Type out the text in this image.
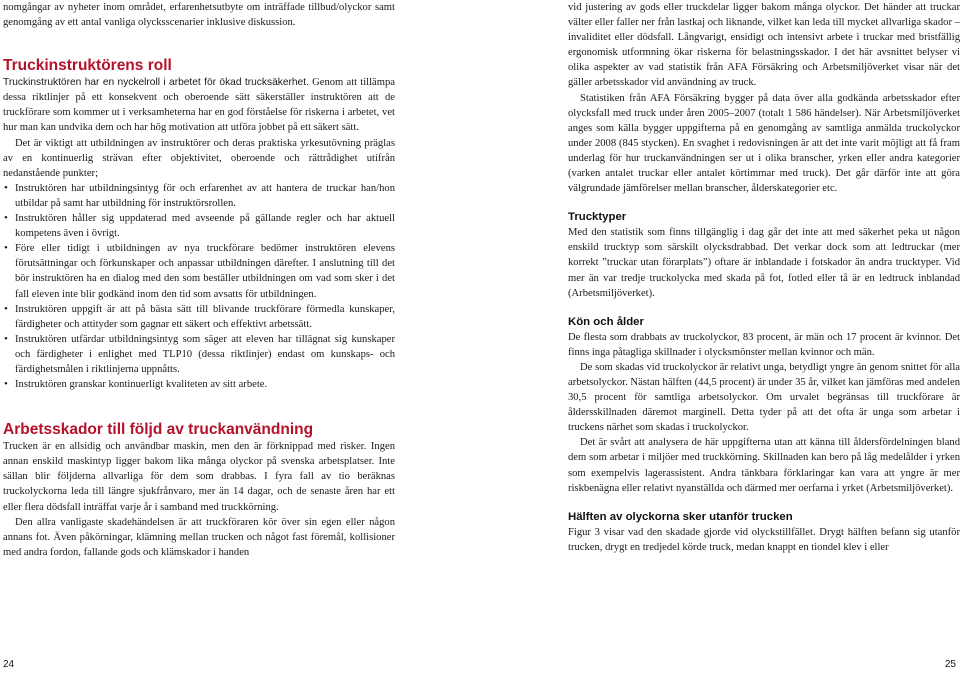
nomgångar av nyheter inom området, erfarenhetsutbyte om inträffade tillbud/olyckor samt genomgång av ett antal vanliga olycksscenarier inklusive diskussion.

Truckinstruktörens roll

Truckinstruktören har en nyckelroll i arbetet för ökad trucksäkerhet. Genom att tillämpa dessa riktlinjer på ett konsekvent och oberoende sätt säkerställer instruktören att de truckförare som kommer ut i verksamheterna har en god förståelse för riskerna i arbetet, vet hur man kan undvika dem och har hög motivation att utföra jobbet på ett säkert sätt.

Det är viktigt att utbildningen av instruktörer och deras praktiska yrkesutövning präglas av en kontinuerlig strävan efter objektivitet, oberoende och rättrådighet utifrån nedanstående punkter;

• Instruktören har utbildningsintyg för och erfarenhet av att hantera de truckar han/hon utbildar på samt har utbildning för instruktörsrollen.
• Instruktören håller sig uppdaterad med avseende på gällande regler och har aktuell kompetens även i övrigt.
• Före eller tidigt i utbildningen av nya truckförare bedömer instruktören elevens förutsättningar och förkunskaper och anpassar utbildningen därefter. I anslutning till det bör instruktören ha en dialog med den som beställer utbildningen om vad som sker i det fall eleven inte blir godkänd inom den tid som avsatts för utbildningen.
• Instruktören uppgift är att på bästa sätt till blivande truckförare förmedla kunskaper, färdigheter och attityder som gagnar ett säkert och effektivt arbetssätt.
• Instruktören utfärdar utbildningsintyg som säger att eleven har tillägnat sig kunskaper och färdigheter i enlighet med TLP10 (dessa riktlinjer) endast om kunskaps- och färdighetsmålen i riktlinjerna uppnåtts.
• Instruktören granskar kontinuerligt kvaliteten av sitt arbete.
Arbetsskador till följd av truckanvändning

Trucken är en allsidig och användbar maskin, men den är förknippad med risker. Ingen annan enskild maskintyp ligger bakom lika många olyckor på svenska arbetsplatser. Inte sällan blir följderna allvarliga för dem som drabbas. I fyra fall av tio beräknas truckolyckorna leda till längre sjukfrånvaro, mer än 14 dagar, och de senaste åren har ett eller flera dödsfall inträffat varje år i samband med truckkörning.

Den allra vanligaste skadehändelsen är att truckföraren kör över sin egen eller någon annans fot. Även påkörningar, klämning mellan trucken och något fast föremål, kollisioner med andra fordon, fallande gods och klämskador i handen

vid justering av gods eller truckdelar ligger bakom många olyckor. Det händer att truckar välter eller faller ner från lastkaj och liknande, vilket kan leda till mycket allvarliga skador – invaliditet eller dödsfall. Långvarigt, ensidigt och intensivt arbete i truckar med bristfällig ergonomisk utformning ökar riskerna för belastningsskador. I det här avsnittet belyser vi olika aspekter av vad statistik från AFA Försäkring och Arbetsmiljöverket visar när det gäller arbetsskador vid användning av truck.

Statistiken från AFA Försäkring bygger på data över alla godkända arbetsskador efter olycksfall med truck under åren 2005–2007 (totalt 1 586 händelser). När Arbetsmiljöverket anges som källa bygger uppgifterna på en genomgång av samtliga anmälda truckolyckor under 2008 (845 stycken). En svaghet i redovisningen är att det inte varit möjligt att få fram underlag för hur truckanvändningen ser ut i olika branscher, yrken eller andra kategorier (varken antalet truckar eller antalet körtimmar med truck). Det går därför inte att göra välgrundade jämförelser mellan branscher, ålderskategorier etc.

Trucktyper

Med den statistik som finns tillgänglig i dag går det inte att med säkerhet peka ut någon enskild trucktyp som särskilt olycksdrabbad. Det verkar dock som att ledtruckar (mer korrekt ”truckar utan förarplats”) oftare är inblandade i fotskador än andra trucktyper. Vid mer än var tredje truckolycka med skada på fot, fotled eller tå är en ledtruck inblandad (Arbetsmiljöverket).

Kön och ålder

De flesta som drabbats av truckolyckor, 83 procent, är män och 17 procent är kvinnor. Det finns inga påtagliga skillnader i olycksmönster mellan kvinnor och män.

De som skadas vid truckolyckor är relativt unga, betydligt yngre än genom snittet för alla arbetsolyckor. Nästan hälften (44,5 procent) är under 35 år, vilket kan jämföras med andelen 30,5 procent för samtliga arbetsolyckor. Om urvalet begränsas till truckförare är åldersskillnaden däremot marginell. Detta tyder på att det ofta är unga som arbetar i truckens närhet som skadas i truckolyckor.

Det är svårt att analysera de här uppgifterna utan att känna till åldersfördelningen bland dem som arbetar i miljöer med truckkörning. Skillnaden kan bero på låg medelålder i yrken som exempelvis lagerassistent. Andra tänkbara förklaringar kan vara att yngre är mer riskbenägna eller relativt nyanställda och därmed mer oerfarna i yrket (Arbetsmiljöverket).

Hälften av olyckorna sker utanför trucken

Figur 3 visar vad den skadade gjorde vid olyckstillfället. Drygt hälften befann sig utanför trucken, drygt en tredjedel körde truck, medan knappt en tiondel klev i eller

24	25
